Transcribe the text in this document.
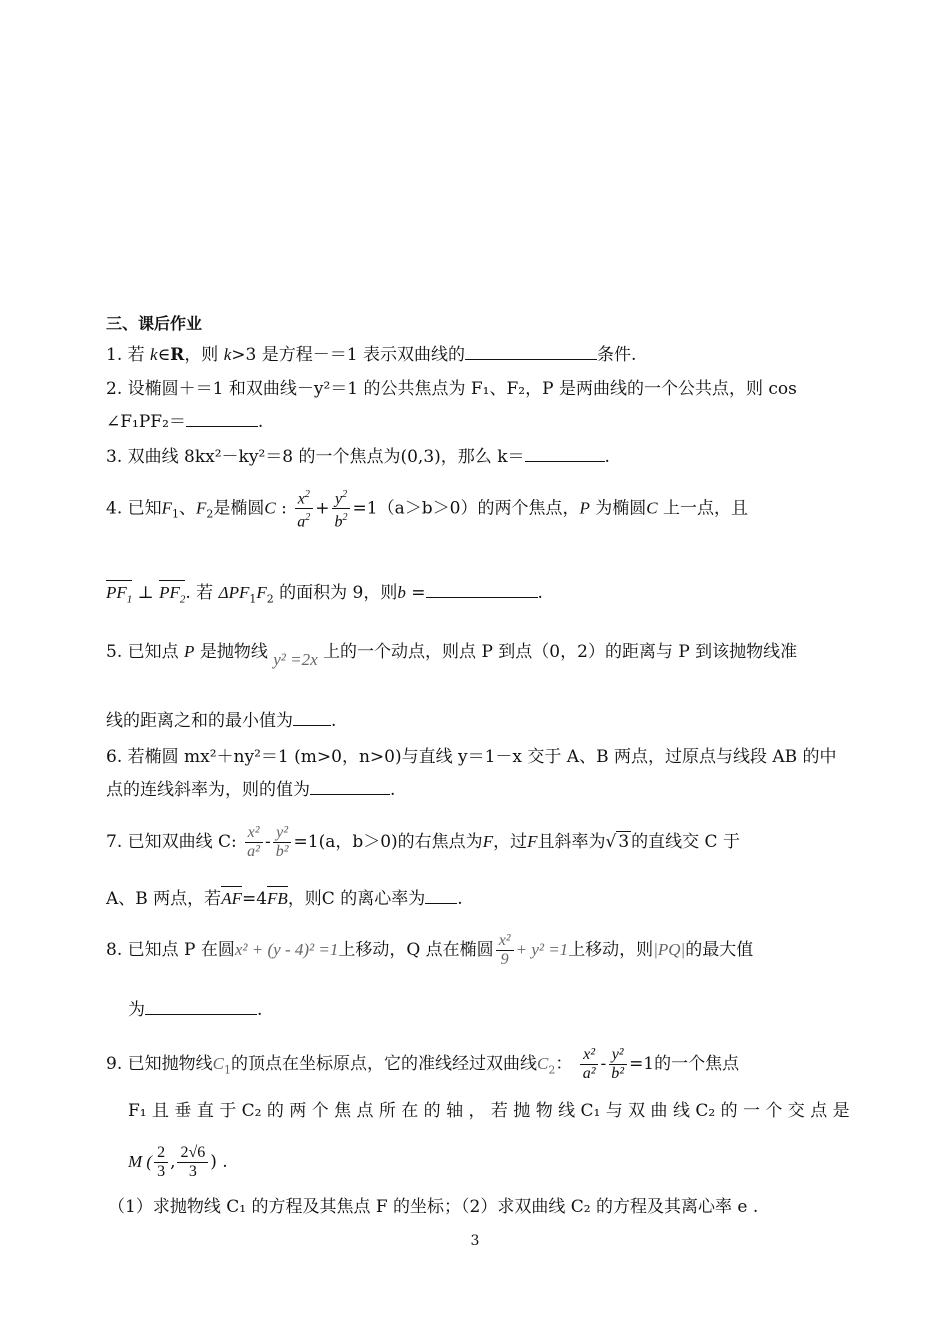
三、课后作业
1. 若 k∈R，则 k>3 是方程－＝1 表示双曲线的	条件.
2. 设椭圆＋＝1 和双曲线－y²＝1 的公共焦点为 F₁、F₂，P 是两曲线的一个公共点，则 cos
∠F₁PF₂＝	.
3. 双曲线 8kx²－ky²＝8 的一个焦点为(0,3)，那么 k＝	.
4. 已知$F_1$、$F_2$是椭圆C : $\frac{x^2}{a^2} + \frac{y^2}{b^2} =1(a>b>0)$的两个焦点，P 为椭圆C 上一点，且
$PF_1$ ⊥ $PF_2$. 若 $\Delta PF_1F_2$ 的面积为 9，则b =	.
5. 已知点 P 是抛物线 y² =2x 上的一个动点，则点 P 到点（0，2）的距离与 P 到该抛物线准
线的距离之和的最小值为 .
6. 若椭圆 mx²＋ny²＝1 (m>0，n>0)与直线 y＝1－x 交于 A、B 两点，过原点与线段 AB 的中
点的连线斜率为，则的值为	.
7. 已知双曲线 C: $\frac{\text{x²}}{\text{a²}} - \frac{\text{y²}}{\text{b²}} =1(a$，b＞0)的右焦点为F，过F且斜率为√ 3 的直线交 C 于
A、B 两点，若AF=4FB，则C 的离心率为 .
8. 已知点 P 在圆x² + (y - 4)² =1上移动，Q 点在椭圆 $\frac{\text{x²}}{9} + y^2 =1$上移动，则|PQ|的最大值
为	.
9. 已知抛物线$C_1$的顶点在坐标原点，它的准线经过双曲线$C_2$： $\frac{\text{x²}}{\text{a²}} - \frac{\text{y²}}{\text{b²}} =1$的一个焦点
F₁ 且 垂 直 于 C₂ 的 两 个 焦 点 所 在 的 轴 ， 若 抛 物 线 C₁ 与 双 曲 线 C₂ 的 一 个 交 点 是
M ( $\frac{2}{3}$ , $\frac{2√6}{3}$ ) .
（1）求抛物线 C₁ 的方程及其焦点 F 的坐标；（2）求双曲线 C₂ 的方程及其离心率 e .
3
